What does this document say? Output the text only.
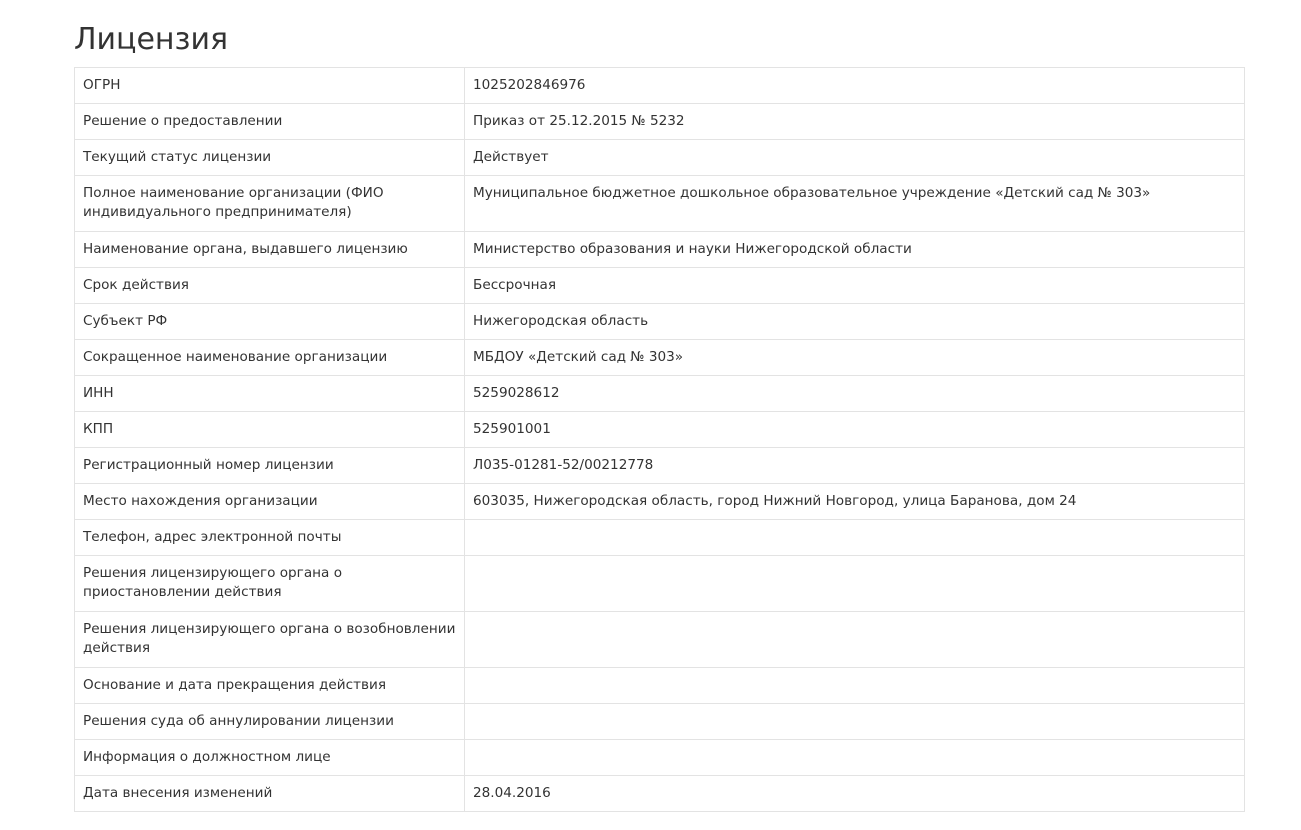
Лицензия
ОГРН	1025202846976
Решение о предоставлении	Приказ от 25.12.2015 № 5232
Текущий статус лицензии	Действует
Полное наименование организации (ФИО индивидуального предпринимателя)	Муниципальное бюджетное дошкольное образовательное учреждение «Детский сад № 303»
Наименование органа, выдавшего лицензию	Министерство образования и науки Нижегородской области
Срок действия	Бессрочная
Субъект РФ	Нижегородская область
Сокращенное наименование организации	МБДОУ «Детский сад № 303»
ИНН	5259028612
КПП	525901001
Регистрационный номер лицензии	Л035-01281-52/00212778
Место нахождения организации	603035, Нижегородская область, город Нижний Новгород, улица Баранова, дом 24
Телефон, адрес электронной почты	
Решения лицензирующего органа о приостановлении действия	
Решения лицензирующего органа о возобновлении действия	
Основание и дата прекращения действия	
Решения суда об аннулировании лицензии	
Информация о должностном лице	
Дата внесения изменений	28.04.2016
